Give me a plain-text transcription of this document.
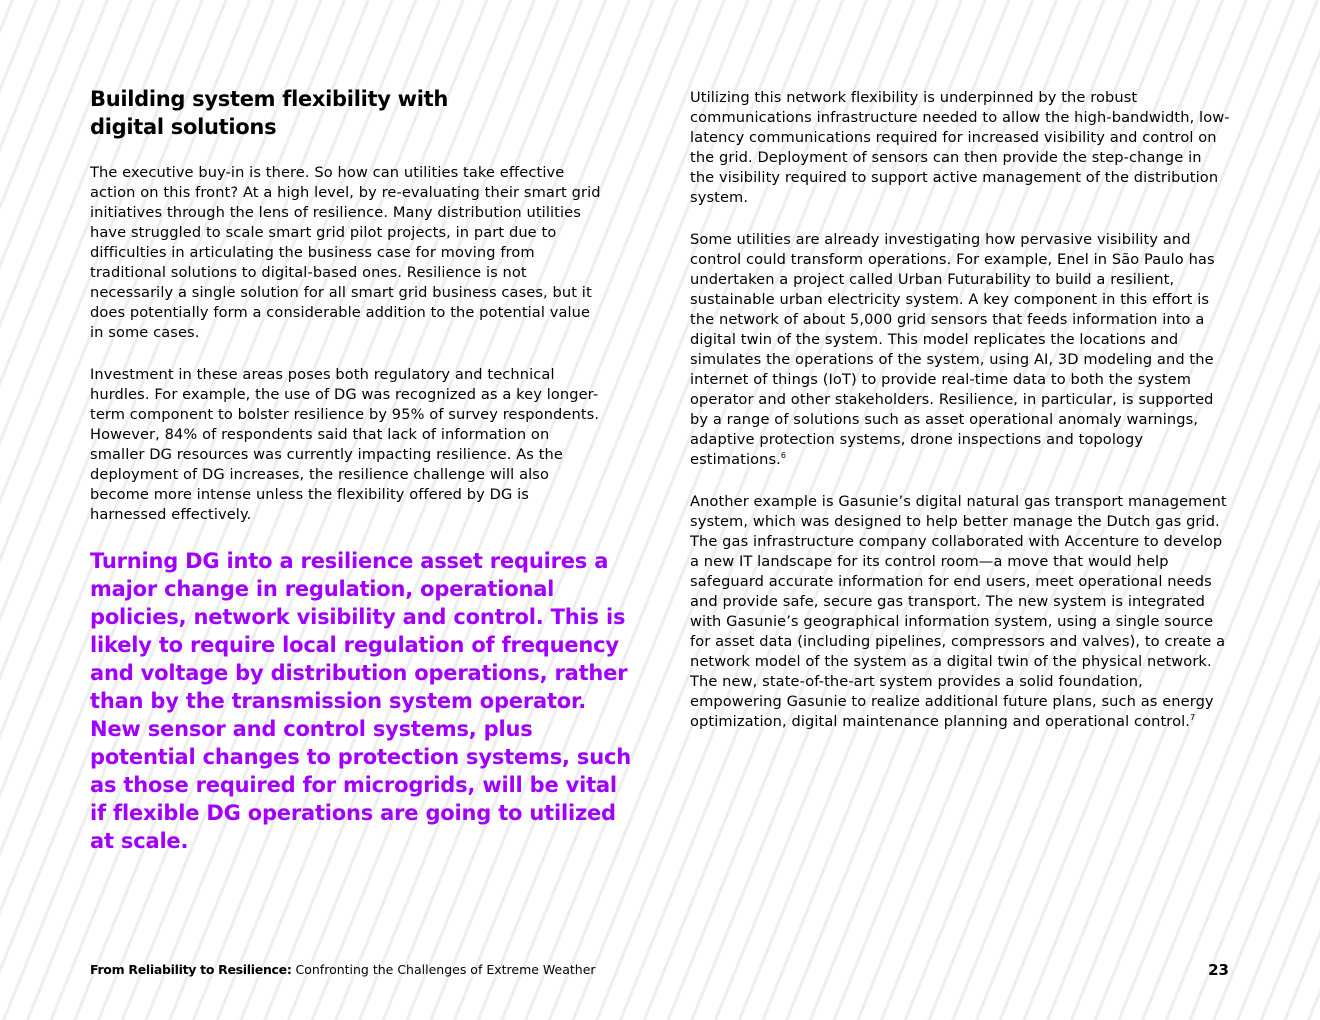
Building system flexibility with digital solutions

The executive buy-in is there. So how can utilities take effective action on this front? At a high level, by re-evaluating their smart grid initiatives through the lens of resilience. Many distribution utilities have struggled to scale smart grid pilot projects, in part due to difficulties in articulating the business case for moving from traditional solutions to digital-based ones. Resilience is not necessarily a single solution for all smart grid business cases, but it does potentially form a considerable addition to the potential value in some cases.

Investment in these areas poses both regulatory and technical hurdles. For example, the use of DG was recognized as a key longer-term component to bolster resilience by 95% of survey respondents. However, 84% of respondents said that lack of information on smaller DG resources was currently impacting resilience. As the deployment of DG increases, the resilience challenge will also become more intense unless the flexibility offered by DG is harnessed effectively.

Turning DG into a resilience asset requires a major change in regulation, operational policies, network visibility and control. This is likely to require local regulation of frequency and voltage by distribution operations, rather than by the transmission system operator. New sensor and control systems, plus potential changes to protection systems, such as those required for microgrids, will be vital if flexible DG operations are going to utilized at scale.

Utilizing this network flexibility is underpinned by the robust communications infrastructure needed to allow the high-bandwidth, low-latency communications required for increased visibility and control on the grid. Deployment of sensors can then provide the step-change in the visibility required to support active management of the distribution system.

Some utilities are already investigating how pervasive visibility and control could transform operations. For example, Enel in São Paulo has undertaken a project called Urban Futurability to build a resilient, sustainable urban electricity system. A key component in this effort is the network of about 5,000 grid sensors that feeds information into a digital twin of the system. This model replicates the locations and simulates the operations of the system, using AI, 3D modeling and the internet of things (IoT) to provide real-time data to both the system operator and other stakeholders. Resilience, in particular, is supported by a range of solutions such as asset operational anomaly warnings, adaptive protection systems, drone inspections and topology estimations.$^6$

Another example is Gasunie’s digital natural gas transport management system, which was designed to help better manage the Dutch gas grid. The gas infrastructure company collaborated with Accenture to develop a new IT landscape for its control room—a move that would help safeguard accurate information for end users, meet operational needs and provide safe, secure gas transport. The new system is integrated with Gasunie’s geographical information system, using a single source for asset data (including pipelines, compressors and valves), to create a network model of the system as a digital twin of the physical network. The new, state-of-the-art system provides a solid foundation, empowering Gasunie to realize additional future plans, such as energy optimization, digital maintenance planning and operational control.$^7$

From Reliability to Resilience: Confronting the Challenges of Extreme Weather	23
